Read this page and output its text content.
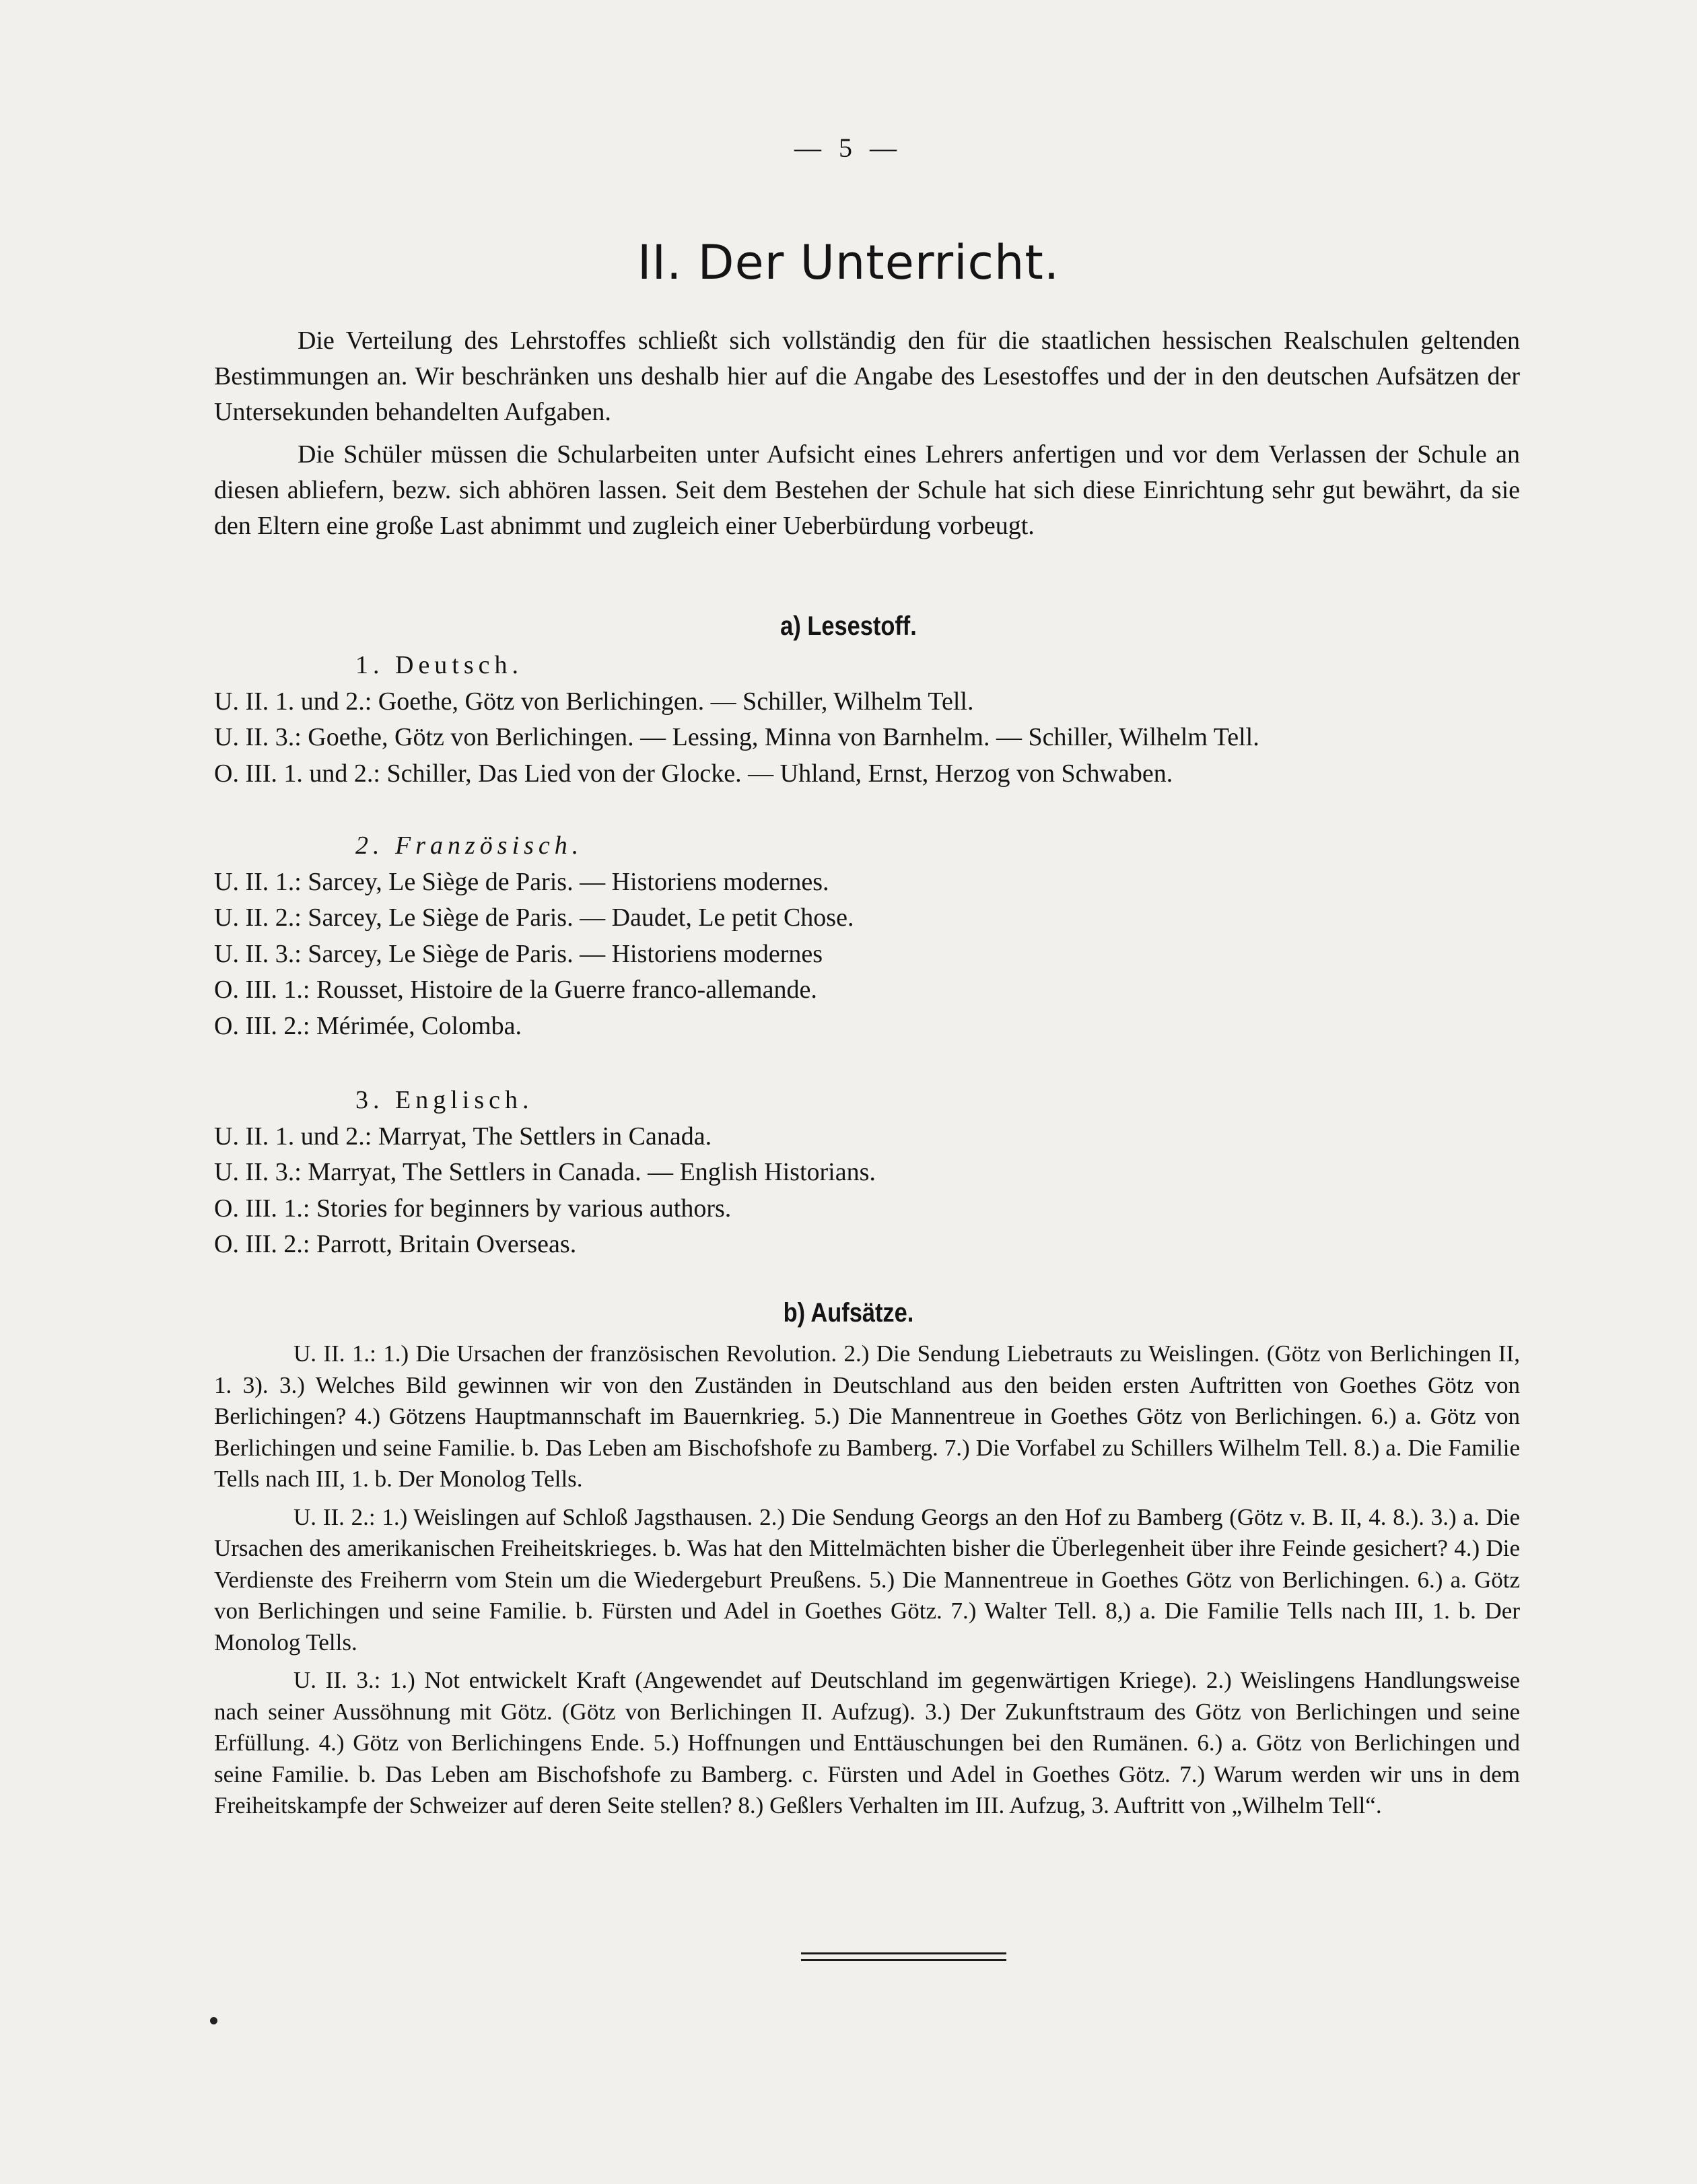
— 5 —
II. Der Unterricht.

Die Verteilung des Lehrstoffes schließt sich vollständig den für die staatlichen hessischen Realschulen geltenden Bestimmungen an. Wir beschränken uns deshalb hier auf die Angabe des Lesestoffes und der in den deutschen Aufsätzen der Untersekunden behandelten Aufgaben.

Die Schüler müssen die Schularbeiten unter Aufsicht eines Lehrers anfertigen und vor dem Verlassen der Schule an diesen abliefern, bezw. sich abhören lassen. Seit dem Bestehen der Schule hat sich diese Einrichtung sehr gut bewährt, da sie den Eltern eine große Last abnimmt und zugleich einer Ueberbürdung vorbeugt.

a) Lesestoff.
1. Deutsch.
U. II. 1. und 2.: Goethe, Götz von Berlichingen. — Schiller, Wilhelm Tell.
U. II. 3.: Goethe, Götz von Berlichingen. — Lessing, Minna von Barnhelm. — Schiller, Wilhelm Tell.
O. III. 1. und 2.: Schiller, Das Lied von der Glocke. — Uhland, Ernst, Herzog von Schwaben.
2. Französisch.
U. II. 1.: Sarcey, Le Siège de Paris. — Historiens modernes.
U. II. 2.: Sarcey, Le Siège de Paris. — Daudet, Le petit Chose.
U. II. 3.: Sarcey, Le Siège de Paris. — Historiens modernes
O. III. 1.: Rousset, Histoire de la Guerre franco-allemande.
O. III. 2.: Mérimée, Colomba.
3. Englisch.
U. II. 1. und 2.: Marryat, The Settlers in Canada.
U. II. 3.: Marryat, The Settlers in Canada. — English Historians.
O. III. 1.: Stories for beginners by various authors.
O. III. 2.: Parrott, Britain Overseas.
b) Aufsätze.

U. II. 1.: 1.) Die Ursachen der französischen Revolution. 2.) Die Sendung Liebetrauts zu Weislingen. (Götz von Berlichingen II, 1. 3). 3.) Welches Bild gewinnen wir von den Zuständen in Deutschland aus den beiden ersten Auftritten von Goethes Götz von Berlichingen? 4.) Götzens Hauptmannschaft im Bauernkrieg. 5.) Die Mannentreue in Goethes Götz von Berlichingen. 6.) a. Götz von Berlichingen und seine Familie. b. Das Leben am Bischofshofe zu Bamberg. 7.) Die Vorfabel zu Schillers Wilhelm Tell. 8.) a. Die Familie Tells nach III, 1. b. Der Monolog Tells.

U. II. 2.: 1.) Weislingen auf Schloß Jagsthausen. 2.) Die Sendung Georgs an den Hof zu Bamberg (Götz v. B. II, 4. 8.). 3.) a. Die Ursachen des amerikanischen Freiheitskrieges. b. Was hat den Mittelmächten bisher die Überlegenheit über ihre Feinde gesichert? 4.) Die Verdienste des Freiherrn vom Stein um die Wiedergeburt Preußens. 5.) Die Mannentreue in Goethes Götz von Berlichingen. 6.) a. Götz von Berlichingen und seine Familie. b. Fürsten und Adel in Goethes Götz. 7.) Walter Tell. 8,) a. Die Familie Tells nach III, 1. b. Der Monolog Tells.

U. II. 3.: 1.) Not entwickelt Kraft (Angewendet auf Deutschland im gegenwärtigen Kriege). 2.) Weislingens Handlungsweise nach seiner Aussöhnung mit Götz. (Götz von Berlichingen II. Aufzug). 3.) Der Zukunftstraum des Götz von Berlichingen und seine Erfüllung. 4.) Götz von Berlichingens Ende. 5.) Hoffnungen und Enttäuschungen bei den Rumänen. 6.) a. Götz von Berlichingen und seine Familie. b. Das Leben am Bischofshofe zu Bamberg. c. Fürsten und Adel in Goethes Götz. 7.) Warum werden wir uns in dem Freiheitskampfe der Schweizer auf deren Seite stellen? 8.) Geßlers Verhalten im III. Aufzug, 3. Auftritt von „Wilhelm Tell“.
